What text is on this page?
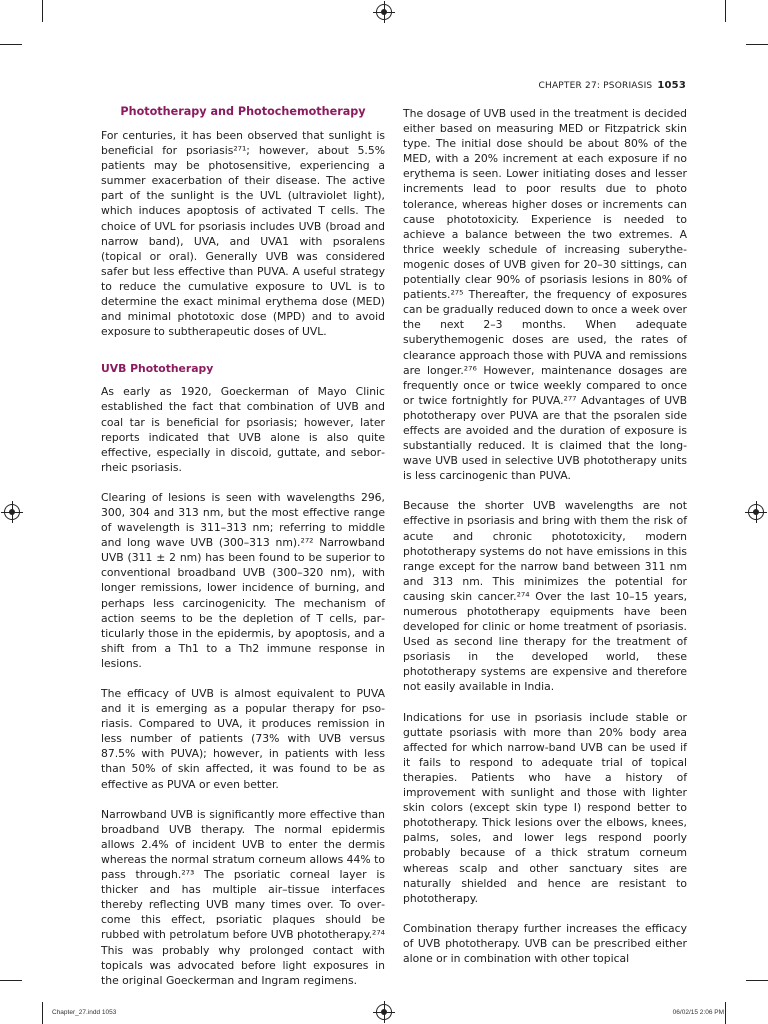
CHAPTER 27: PSORIASIS 1053
Phototherapy and Photochemotherapy

For centuries, it has been observed that sunlight is beneficial for psoriasis²⁷¹; however, about 5.5% patients may be photosensitive, experiencing a summer exacerbation of their disease. The active part of the sunlight is the UVL (ultraviolet light), which induces apoptosis of activated T cells. The choice of UVL for psoriasis includes UVB (broad and narrow band), UVA, and UVA1 with psoralens (topical or oral). Generally UVB was considered safer but less effective than PUVA. A useful strategy to reduce the cumulative exposure to UVL is to determine the exact minimal erythema dose (MED) and minimal phototoxic dose (MPD) and to avoid exposure to subtherapeutic doses of UVL.

UVB Phototherapy

As early as 1920, Goeckerman of Mayo Clinic established the fact that combination of UVB and coal tar is beneficial for psoriasis; however, later reports indicated that UVB alone is also quite effective, especially in discoid, guttate, and seborrheic psoriasis.

Clearing of lesions is seen with wavelengths 296, 300, 304 and 313 nm, but the most effective range of wavelength is 311–313 nm; referring to middle and long wave UVB (300–313 nm).²⁷² Narrowband UVB (311 ± 2 nm) has been found to be superior to conventional broadband UVB (300–320 nm), with longer remissions, lower incidence of burning, and perhaps less carcinogenicity. The mechanism of action seems to be the depletion of T cells, particularly those in the epidermis, by apoptosis, and a shift from a Th1 to a Th2 immune response in lesions.

The efficacy of UVB is almost equivalent to PUVA and it is emerging as a popular therapy for psoriasis. Compared to UVA, it produces remission in less number of patients (73% with UVB versus 87.5% with PUVA); however, in patients with less than 50% of skin affected, it was found to be as effective as PUVA or even better.

Narrowband UVB is significantly more effective than broadband UVB therapy. The normal epidermis allows 2.4% of incident UVB to enter the dermis whereas the normal stratum corneum allows 44% to pass through.²⁷³ The psoriatic corneal layer is thicker and has multiple air–tissue interfaces thereby reflecting UVB many times over. To overcome this effect, psoriatic plaques should be rubbed with petrolatum before UVB phototherapy.²⁷⁴ This was probably why prolonged contact with topicals was advocated before light exposures in the original Goeckerman and Ingram regimens.

The dosage of UVB used in the treatment is decided either based on measuring MED or Fitzpatrick skin type. The initial dose should be about 80% of the MED, with a 20% increment at each exposure if no erythema is seen. Lower initiating doses and lesser increments lead to poor results due to photo tolerance, whereas higher doses or increments can cause phototoxicity. Experience is needed to achieve a balance between the two extremes. A thrice weekly schedule of increasing suberythemogenic doses of UVB given for 20–30 sittings, can potentially clear 90% of psoriasis lesions in 80% of patients.²⁷⁵ Thereafter, the frequency of exposures can be gradually reduced down to once a week over the next 2–3 months. When adequate suberythemogenic doses are used, the rates of clearance approach those with PUVA and remissions are longer.²⁷⁶ However, maintenance dosages are frequently once or twice weekly compared to once or twice fortnightly for PUVA.²⁷⁷ Advantages of UVB phototherapy over PUVA are that the psoralen side effects are avoided and the duration of exposure is substantially reduced. It is claimed that the long-wave UVB used in selective UVB phototherapy units is less carcinogenic than PUVA.

Because the shorter UVB wavelengths are not effective in psoriasis and bring with them the risk of acute and chronic phototoxicity, modern phototherapy systems do not have emissions in this range except for the narrow band between 311 nm and 313 nm. This minimizes the potential for causing skin cancer.²⁷⁴ Over the last 10–15 years, numerous phototherapy equipments have been developed for clinic or home treatment of psoriasis. Used as second line therapy for the treatment of psoriasis in the developed world, these phototherapy systems are expensive and therefore not easily available in India.

Indications for use in psoriasis include stable or guttate psoriasis with more than 20% body area affected for which narrow-band UVB can be used if it fails to respond to adequate trial of topical therapies. Patients who have a history of improvement with sunlight and those with lighter skin colors (except skin type I) respond better to phototherapy. Thick lesions over the elbows, knees, palms, soles, and lower legs respond poorly probably because of a thick stratum corneum whereas scalp and other sanctuary sites are naturally shielded and hence are resistant to phototherapy.

Combination therapy further increases the efficacy of UVB phototherapy. UVB can be prescribed either alone or in combination with other topical

Chapter_27.indd 1053	06/02/15 2:06 PM
